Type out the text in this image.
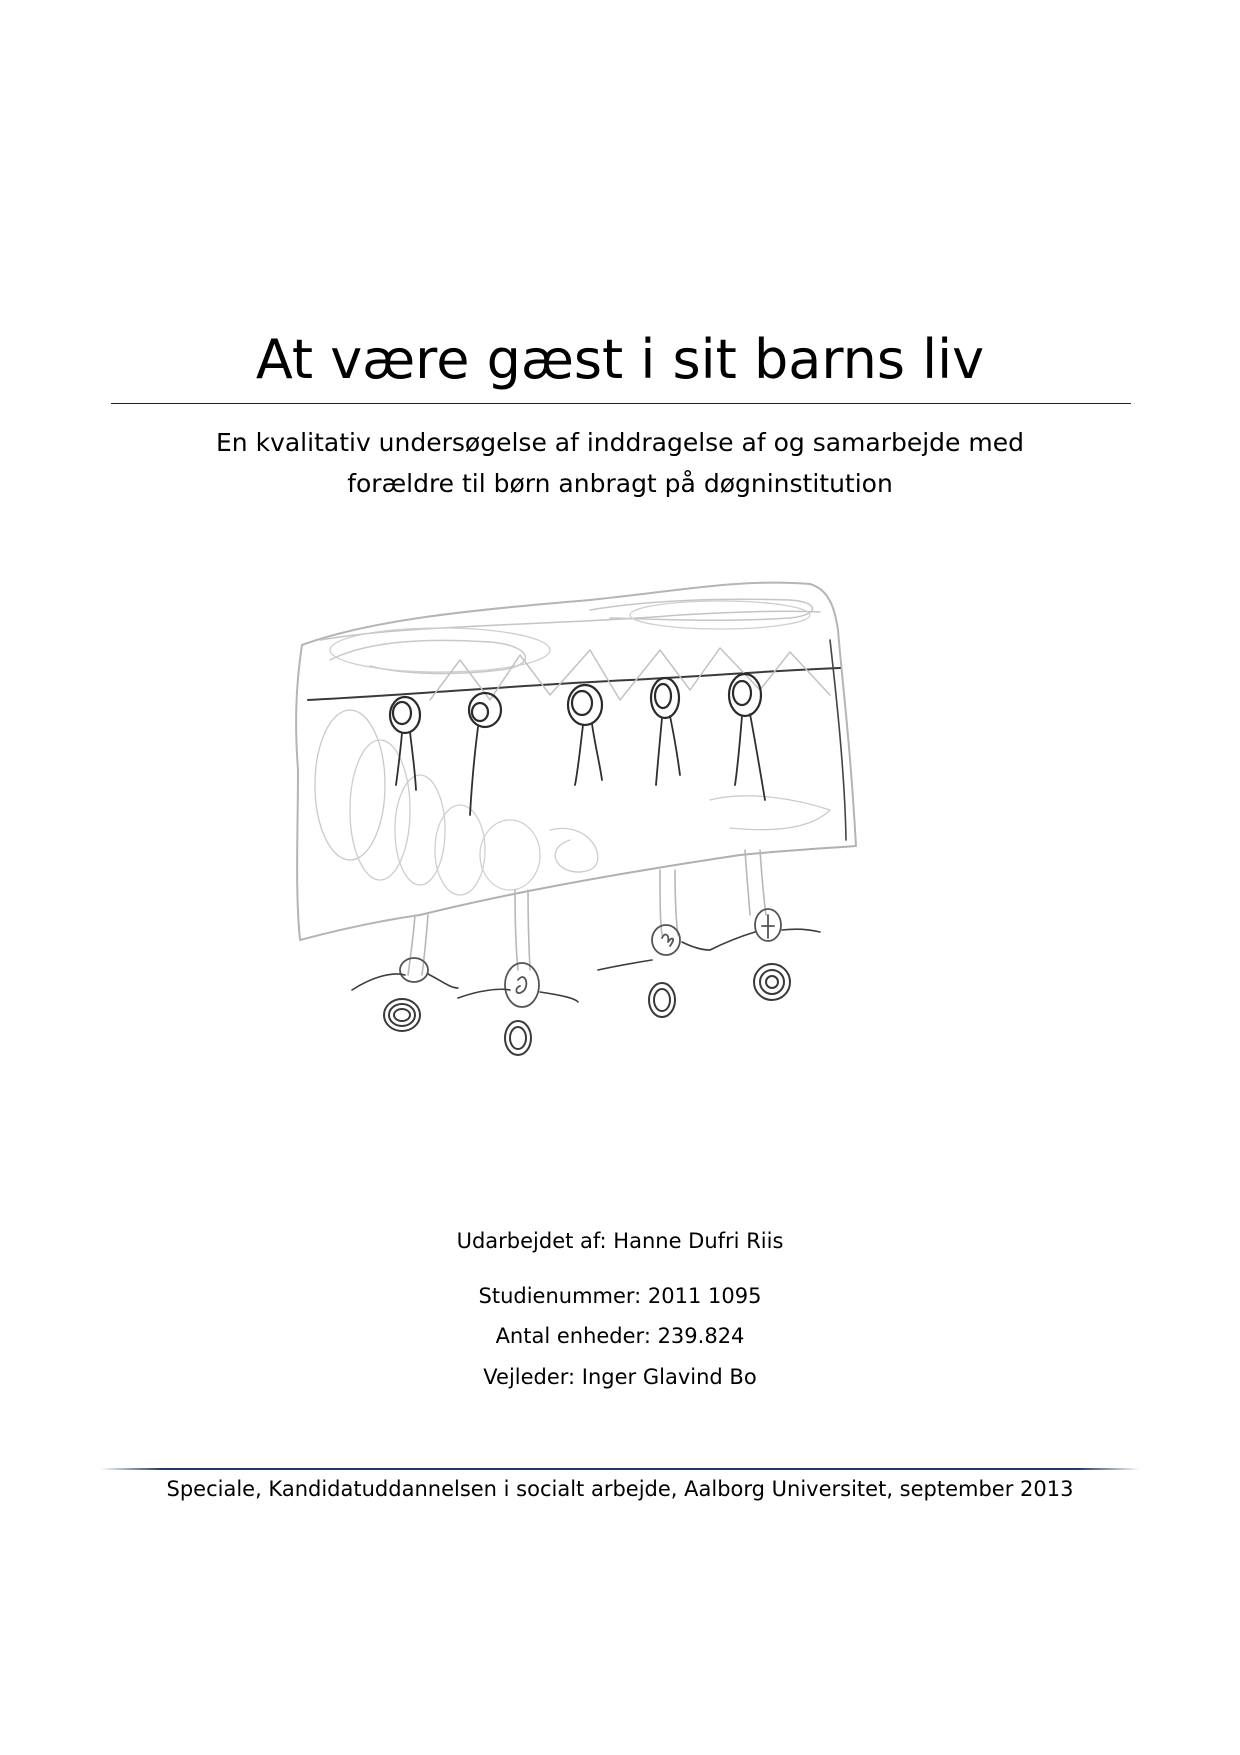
At være gæst i sit barns liv
En kvalitativ undersøgelse af inddragelse af og samarbejde med
forældre til børn anbragt på døgninstitution
Udarbejdet af: Hanne Dufri Riis
Studienummer: 2011 1095
Antal enheder: 239.824
Vejleder: Inger Glavind Bo
Speciale, Kandidatuddannelsen i socialt arbejde, Aalborg Universitet, september 2013
